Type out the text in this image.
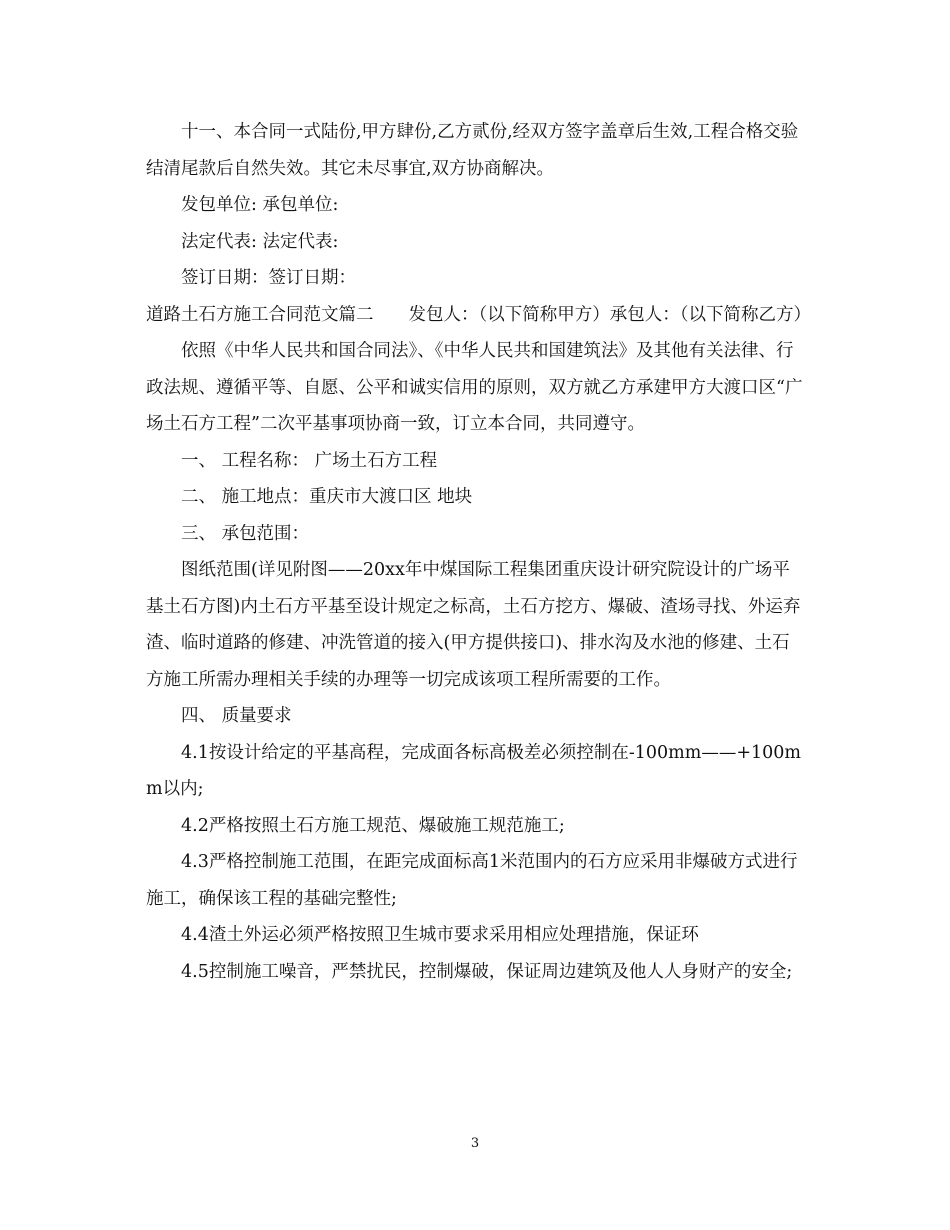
十一、本合同一式陆份,甲方肆份,乙方贰份,经双方签字盖章后生效,工程合格交验结清尾款后自然失效。其它未尽事宜,双方协商解决。

发包单位: 承包单位:

法定代表: 法定代表:

签订日期：签订日期：

道路土石方施工合同范文篇二　　发包人：（以下简称甲方）承包人：（以下简称乙方）

依照《中华人民共和国合同法》、《中华人民共和国建筑法》及其他有关法律、行政法规、遵循平等、自愿、公平和诚实信用的原则，双方就乙方承建甲方大渡口区“广场土石方工程”二次平基事项协商一致，订立本合同，共同遵守。

一、 工程名称： 广场土石方工程

二、 施工地点：重庆市大渡口区 地块

三、 承包范围：

图纸范围(详见附图——20xx年中煤国际工程集团重庆设计研究院设计的广场平基土石方图)内土石方平基至设计规定之标高，土石方挖方、爆破、渣场寻找、外运弃渣、临时道路的修建、冲洗管道的接入(甲方提供接口)、排水沟及水池的修建、土石方施工所需办理相关手续的办理等一切完成该项工程所需要的工作。

四、 质量要求

4.1按设计给定的平基高程，完成面各标高极差必须控制在-100mm——+100mm以内;

4.2严格按照土石方施工规范、爆破施工规范施工;

4.3严格控制施工范围，在距完成面标高1米范围内的石方应采用非爆破方式进行施工，确保该工程的基础完整性;

4.4渣土外运必须严格按照卫生城市要求采用相应处理措施，保证环

4.5控制施工噪音，严禁扰民，控制爆破，保证周边建筑及他人人身财产的安全;

3
